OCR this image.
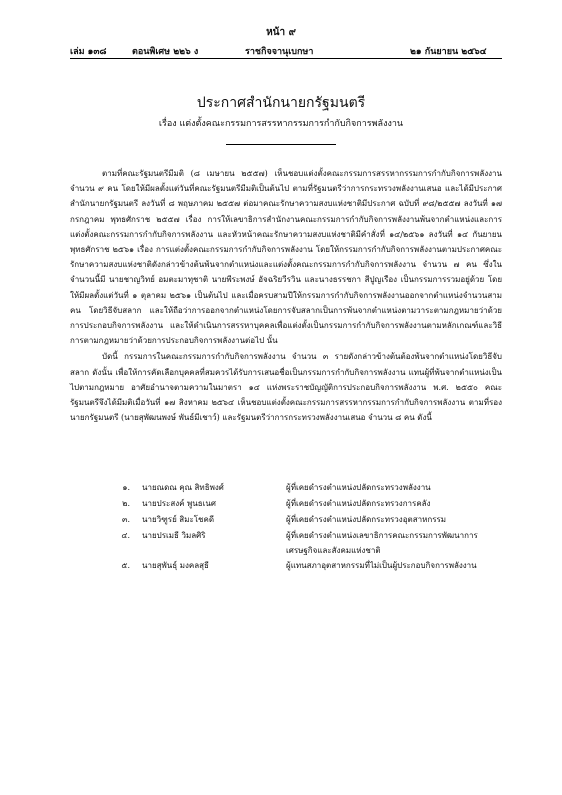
หน้า ๙
เล่ม ๑๓๘	ตอนพิเศษ ๒๒๖ ง	ราชกิจจานุเบกษา	๒๑ กันยายน ๒๕๖๔
ประกาศสำนักนายกรัฐมนตรี
เรื่อง แต่งตั้งคณะกรรมการสรรหากรรมการกำกับกิจการพลังงาน

ตามที่คณะรัฐมนตรีมีมติ (๘ เมษายน ๒๕๕๗) เห็นชอบแต่งตั้งคณะกรรมการสรรหากรรมการกำกับกิจการพลังงาน จำนวน ๙ คน โดยให้มีผลตั้งแต่วันที่คณะรัฐมนตรีมีมติเป็นต้นไป ตามที่รัฐมนตรีว่าการกระทรวงพลังงานเสนอ และได้มีประกาศสำนักนายกรัฐมนตรี ลงวันที่ ๘ พฤษภาคม ๒๕๕๗ ต่อมาคณะรักษาความสงบแห่งชาติมีประกาศ ฉบับที่ ๙๘/๒๕๕๗ ลงวันที่ ๑๗ กรกฎาคม พุทธศักราช ๒๕๕๗ เรื่อง การให้เลขาธิการสำนักงานคณะกรรมการกำกับกิจการพลังงานพ้นจากตำแหน่งและการแต่งตั้งคณะกรรมการกำกับกิจการพลังงาน และหัวหน้าคณะรักษาความสงบแห่งชาติมีคำสั่งที่ ๑๔/๒๕๖๑ ลงวันที่ ๑๔ กันยายน พุทธศักราช ๒๕๖๑ เรื่อง การแต่งตั้งคณะกรรมการกำกับกิจการพลังงาน โดยให้กรรมการกำกับกิจการพลังงานตามประกาศคณะรักษาความสงบแห่งชาติดังกล่าวข้างต้นพ้นจากตำแหน่งและแต่งตั้งคณะกรรมการกำกับกิจการพลังงาน จำนวน ๗ คน ซึ่งในจำนวนนี้มี นายชาญวิทย์ อมตะมาทุชาติ นายพีระพงษ์ อัจฉริยวีรวิน และนางธรรชกา สีปูญเรือง เป็นกรรมการรวมอยู่ด้วย โดยให้มีผลตั้งแต่วันที่ ๑ ตุลาคม ๒๕๖๑ เป็นต้นไป และเมื่อครบสามปีให้กรรมการกำกับกิจการพลังงานออกจากตำแหน่งจำนวนสามคน โดยวิธีจับสลาก และให้ถือว่าการออกจากตำแหน่งโดยการจับสลากเป็นการพ้นจากตำแหน่งตามวาระตามกฎหมายว่าด้วยการประกอบกิจการพลังงาน และให้ดำเนินการสรรหาบุคคลเพื่อแต่งตั้งเป็นกรรมการกำกับกิจการพลังงานตามหลักเกณฑ์และวิธีการตามกฎหมายว่าด้วยการประกอบกิจการพลังงานต่อไป นั้น

บัดนี้ กรรมการในคณะกรรมการกำกับกิจการพลังงาน จำนวน ๓ รายดังกล่าวข้างต้นต้องพ้นจากตำแหน่งโดยวิธีจับสลาก ดังนั้น เพื่อให้การคัดเลือกบุคคลที่สมควรได้รับการเสนอชื่อเป็นกรรมการกำกับกิจการพลังงาน แทนผู้ที่พ้นจากตำแหน่งเป็นไปตามกฎหมาย อาศัยอำนาจตามความในมาตรา ๑๔ แห่งพระราชบัญญัติการประกอบกิจการพลังงาน พ.ศ. ๒๕๕๐ คณะรัฐมนตรีจึงได้มีมติเมื่อวันที่ ๑๗ สิงหาคม ๒๕๖๔ เห็นชอบแต่งตั้งคณะกรรมการสรรหากรรมการกำกับกิจการพลังงาน ตามที่รองนายกรัฐมนตรี (นายสุพัฒนพงษ์ พันธ์มีเชาว์) และรัฐมนตรีว่าการกระทรวงพลังงานเสนอ จำนวน ๘ คน ดังนี้

๑. นายณดณ คุณ สิทธิพงศ์	ผู้ที่เคยดำรงตำแหน่งปลัดกระทรวงพลังงาน
๒. นายประสงค์ พูนธเนศ	ผู้ที่เคยดำรงตำแหน่งปลัดกระทรวงการคลัง
๓. นายวิฑูรย์ สิมะโชคดี	ผู้ที่เคยดำรงตำแหน่งปลัดกระทรวงอุตสาหกรรม
๔. นายปรเมธี วิมลศิริ	ผู้ที่เคยดำรงตำแหน่งเลขาธิการคณะกรรมการพัฒนาการเศรษฐกิจและสังคมแห่งชาติ
๕. นายสุพันธุ์ มงคลสุธี	ผู้แทนสภาอุตสาหกรรมที่ไม่เป็นผู้ประกอบกิจการพลังงาน
